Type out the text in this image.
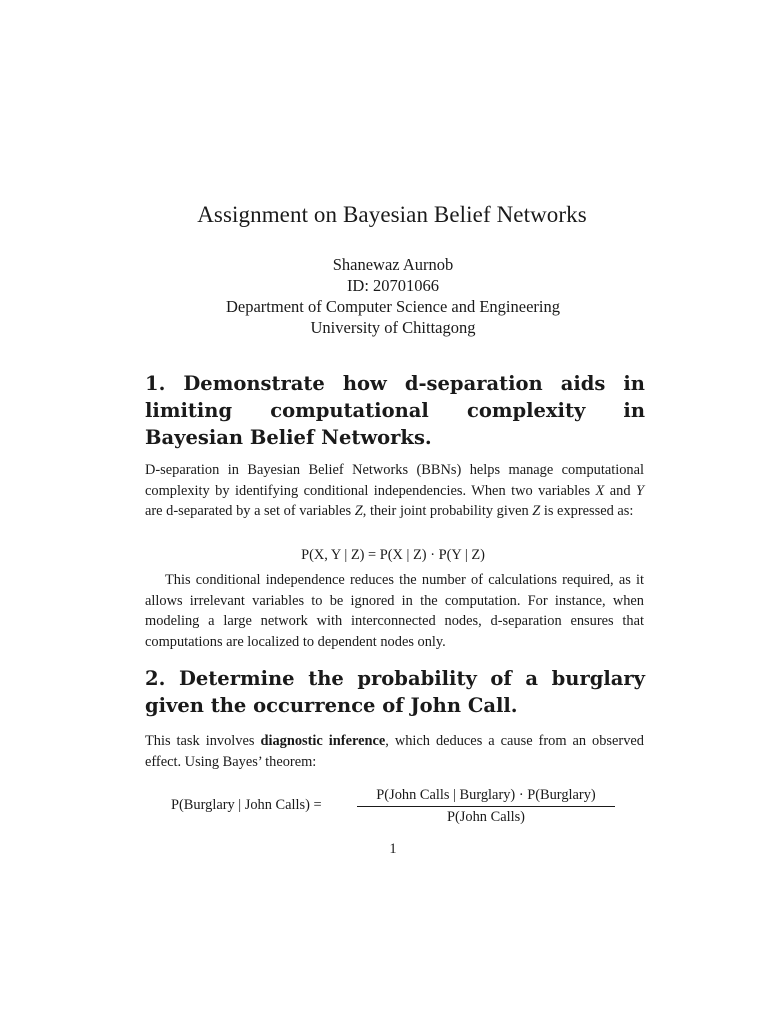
Assignment on Bayesian Belief Networks
Shanewaz Aurnob
ID: 20701066
Department of Computer Science and Engineering
University of Chittagong
1. Demonstrate how d-separation aids in limiting computational complexity in Bayesian Belief Networks.
D-separation in Bayesian Belief Networks (BBNs) helps manage computational complexity by identifying conditional independencies. When two variables X and Y are d-separated by a set of variables Z, their joint probability given Z is expressed as:
P(X, Y | Z) = P(X | Z) · P(Y | Z)
This conditional independence reduces the number of calculations required, as it allows irrelevant variables to be ignored in the computation. For instance, when modeling a large network with interconnected nodes, d-separation ensures that computations are localized to dependent nodes only.
2. Determine the probability of a burglary given the occurrence of John Call.
This task involves diagnostic inference, which deduces a cause from an observed effect. Using Bayes’ theorem:
P(Burglary | John Calls) =
P(John Calls | Burglary) · P(Burglary)
P(John Calls)
1
